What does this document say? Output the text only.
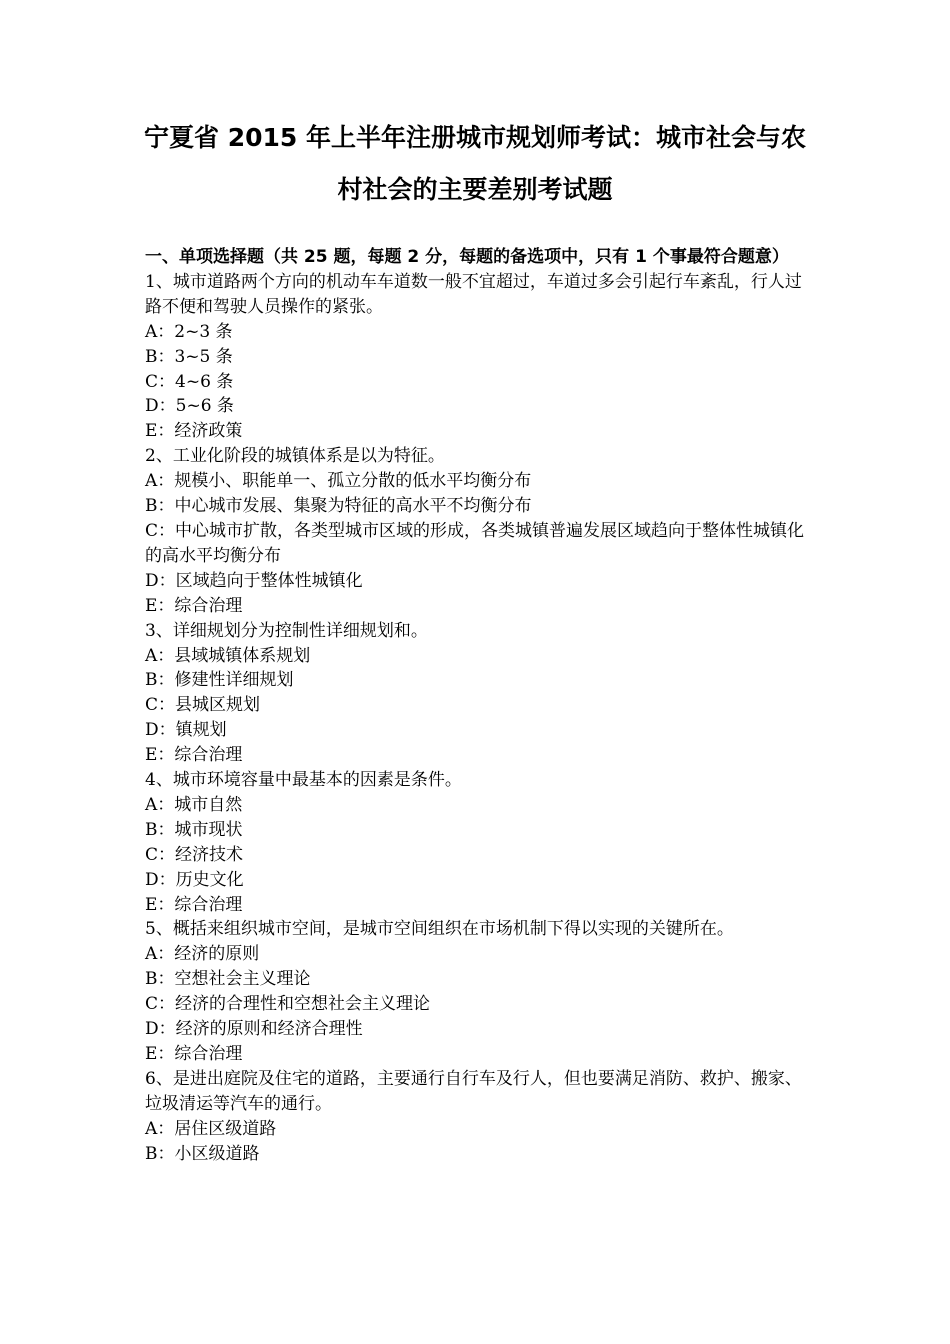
宁夏省 2015 年上半年注册城市规划师考试：城市社会与农
村社会的主要差别考试题

一、单项选择题（共 25 题，每题 2 分，每题的备选项中，只有 1 个事最符合题意）

1、城市道路两个方向的机动车车道数一般不宜超过，车道过多会引起行车紊乱，行人过路不便和驾驶人员操作的紧张。
A：2~3 条
B：3~5 条
C：4~6 条
D：5~6 条
E：经济政策
2、工业化阶段的城镇体系是以为特征。
A：规模小、职能单一、孤立分散的低水平均衡分布
B：中心城市发展、集聚为特征的高水平不均衡分布
C：中心城市扩散，各类型城市区域的形成，各类城镇普遍发展区域趋向于整体性城镇化的高水平均衡分布
D：区域趋向于整体性城镇化
E：综合治理
3、详细规划分为控制性详细规划和。
A：县域城镇体系规划
B：修建性详细规划
C：县城区规划
D：镇规划
E：综合治理
4、城市环境容量中最基本的因素是条件。
A：城市自然
B：城市现状
C：经济技术
D：历史文化
E：综合治理
5、概括来组织城市空间，是城市空间组织在市场机制下得以实现的关键所在。
A：经济的原则
B：空想社会主义理论
C：经济的合理性和空想社会主义理论
D：经济的原则和经济合理性
E：综合治理
6、是进出庭院及住宅的道路，主要通行自行车及行人，但也要满足消防、救护、搬家、垃圾清运等汽车的通行。
A：居住区级道路
B：小区级道路
